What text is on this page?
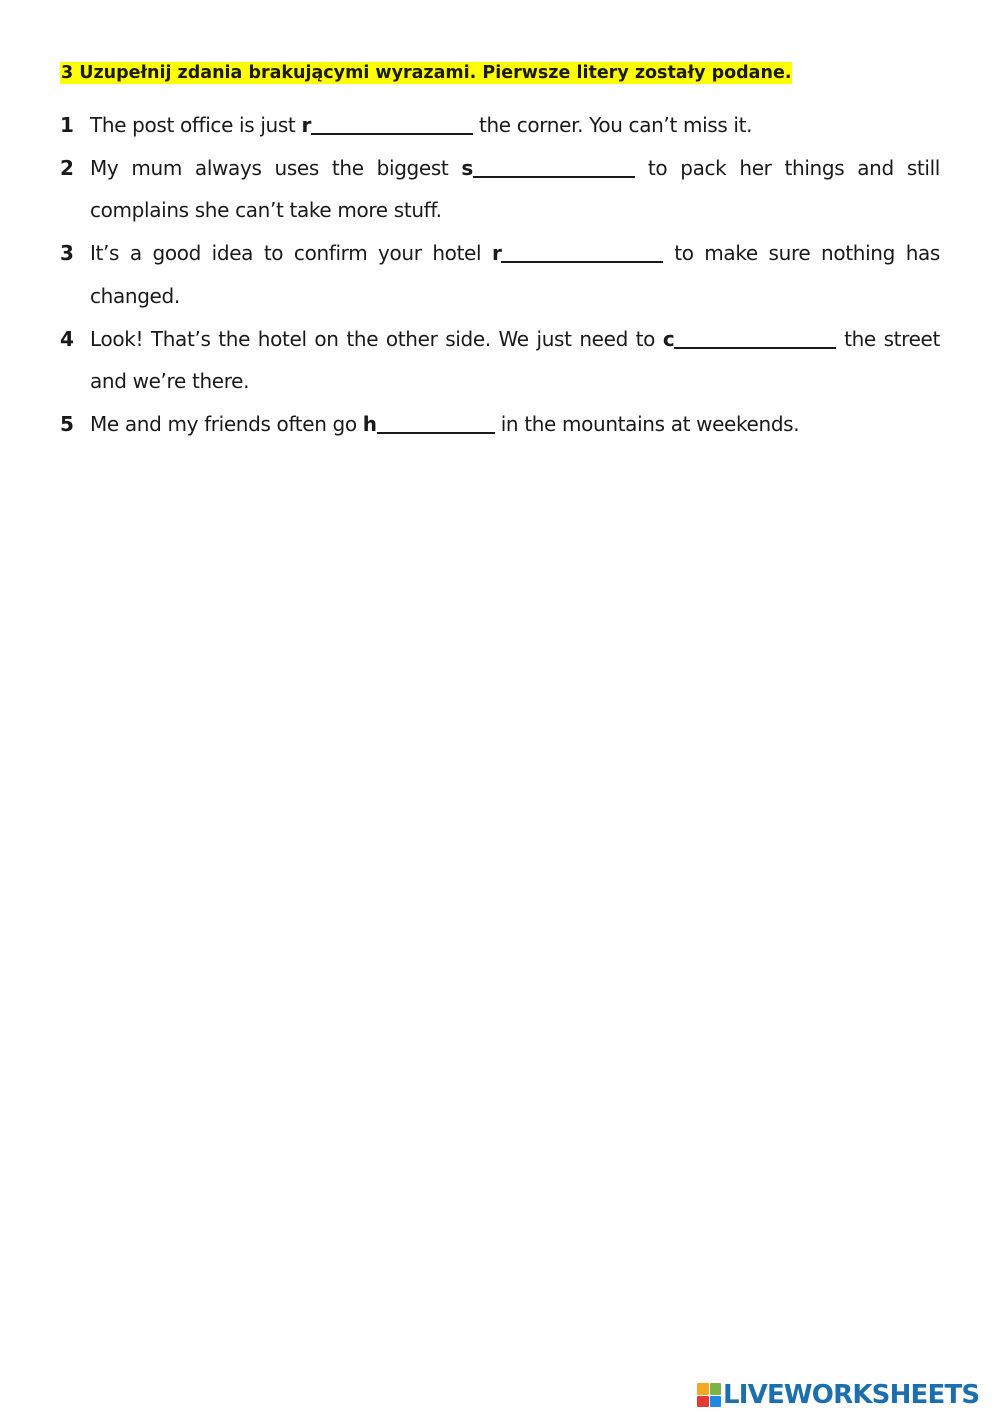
3 Uzupełnij zdania brakującymi wyrazami. Pierwsze litery zostały podane.
1 The post office is just r	the corner. You can’t miss it.
2 My mum always uses the biggest s	to pack her things and still complains she can’t take more stuff.
3 It’s a good idea to confirm your hotel r	to make sure nothing has changed.
4 Look! That’s the hotel on the other side. We just need to c	the street and we’re there.
5 Me and my friends often go h	in the mountains at weekends.
LIVEWORKSHEETS
